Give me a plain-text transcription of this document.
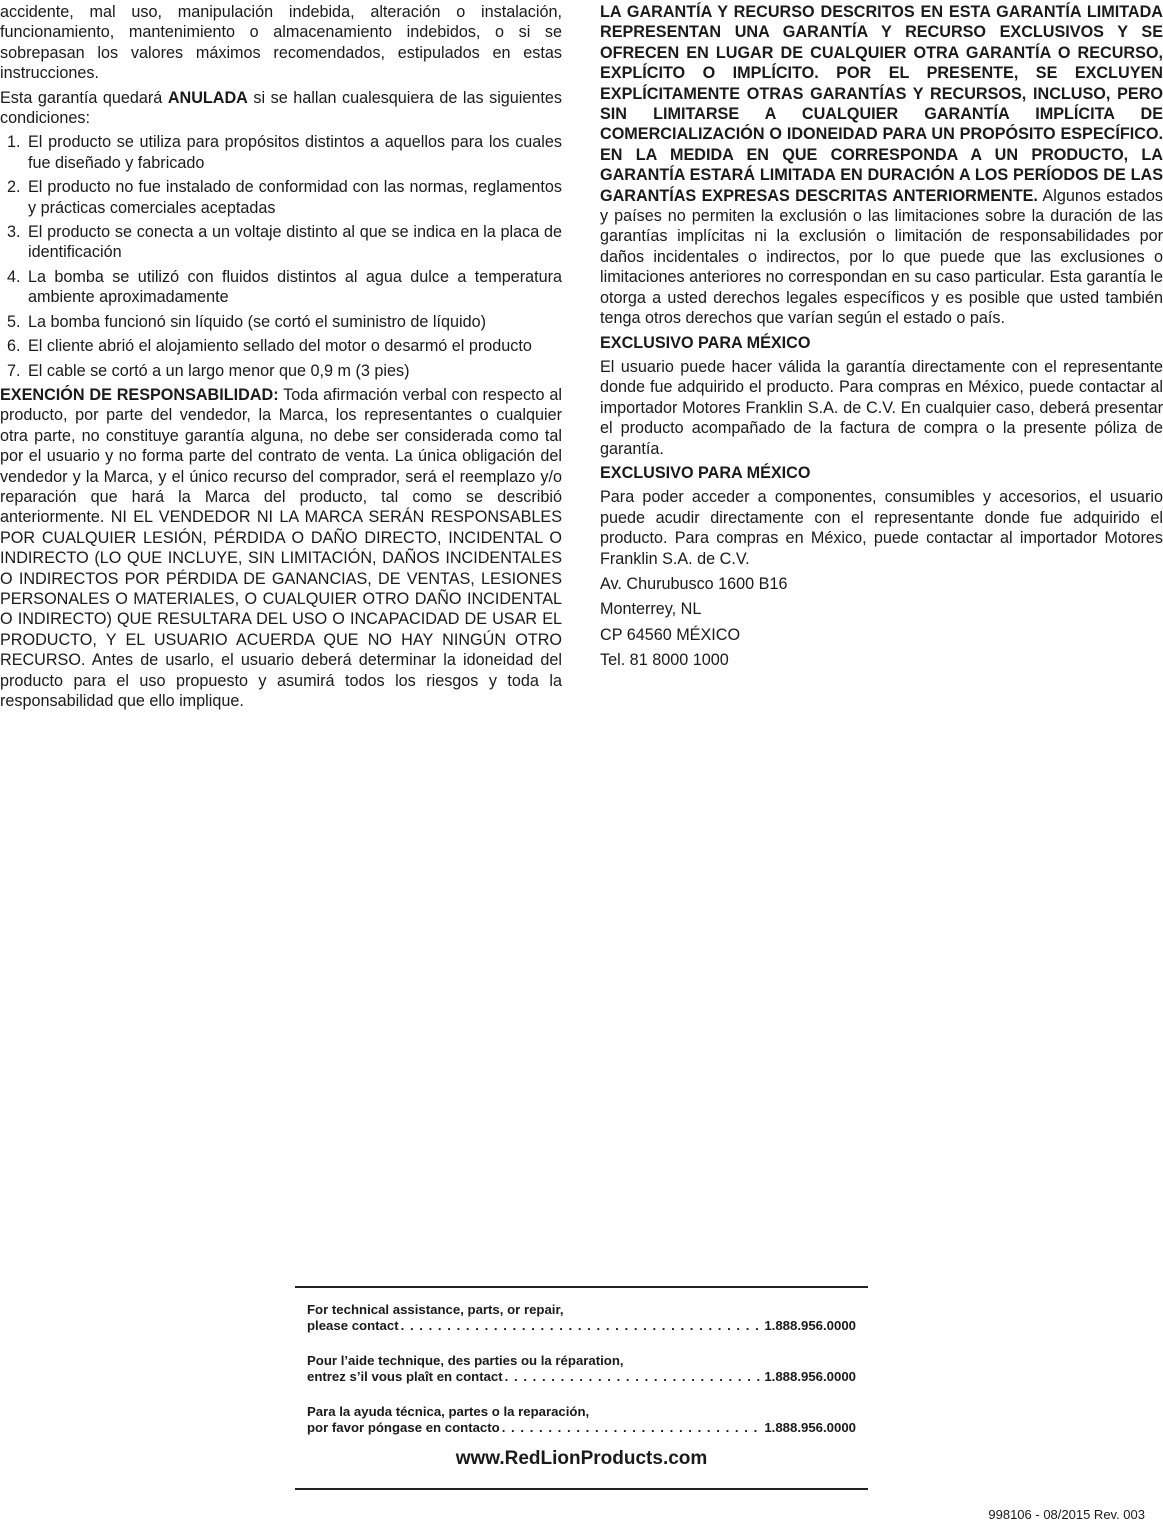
accidente, mal uso, manipulación indebida, alteración o instalación, funcionamiento, mantenimiento o almacenamiento indebidos, o si se sobrepasan los valores máximos recomendados, estipulados en estas instrucciones.

Esta garantía quedará ANULADA si se hallan cualesquiera de las siguientes condiciones:

1. El producto se utiliza para propósitos distintos a aquellos para los cuales fue diseñado y fabricado
2. El producto no fue instalado de conformidad con las normas, reglamentos y prácticas comerciales aceptadas
3. El producto se conecta a un voltaje distinto al que se indica en la placa de identificación
4. La bomba se utilizó con fluidos distintos al agua dulce a temperatura ambiente aproximadamente
5. La bomba funcionó sin líquido (se cortó el suministro de líquido)
6. El cliente abrió el alojamiento sellado del motor o desarmó el producto
7. El cable se cortó a un largo menor que 0,9 m (3 pies)

EXENCIÓN DE RESPONSABILIDAD: Toda afirmación verbal con respecto al producto, por parte del vendedor, la Marca, los representantes o cualquier otra parte, no constituye garantía alguna, no debe ser considerada como tal por el usuario y no forma parte del contrato de venta. La única obligación del vendedor y la Marca, y el único recurso del comprador, será el reemplazo y/o reparación que hará la Marca del producto, tal como se describió anteriormente. NI EL VENDEDOR NI LA MARCA SERÁN RESPONSABLES POR CUALQUIER LESIÓN, PÉRDIDA O DAÑO DIRECTO, INCIDENTAL O INDIRECTO (LO QUE INCLUYE, SIN LIMITACIÓN, DAÑOS INCIDENTALES O INDIRECTOS POR PÉRDIDA DE GANANCIAS, DE VENTAS, LESIONES PERSONALES O MATERIALES, O CUALQUIER OTRO DAÑO INCIDENTAL O INDIRECTO) QUE RESULTARA DEL USO O INCAPACIDAD DE USAR EL PRODUCTO, Y EL USUARIO ACUERDA QUE NO HAY NINGÚN OTRO RECURSO. Antes de usarlo, el usuario deberá determinar la idoneidad del producto para el uso propuesto y asumirá todos los riesgos y toda la responsabilidad que ello implique.

LA GARANTÍA Y RECURSO DESCRITOS EN ESTA GARANTÍA LIMITADA REPRESENTAN UNA GARANTÍA Y RECURSO EXCLUSIVOS Y SE OFRECEN EN LUGAR DE CUALQUIER OTRA GARANTÍA O RECURSO, EXPLÍCITO O IMPLÍCITO. POR EL PRESENTE, SE EXCLUYEN EXPLÍCITAMENTE OTRAS GARANTÍAS Y RECURSOS, INCLUSO, PERO SIN LIMITARSE A CUALQUIER GARANTÍA IMPLÍCITA DE COMERCIALIZACIÓN O IDONEIDAD PARA UN PROPÓSITO ESPECÍFICO. EN LA MEDIDA EN QUE CORRESPONDA A UN PRODUCTO, LA GARANTÍA ESTARÁ LIMITADA EN DURACIÓN A LOS PERÍODOS DE LAS GARANTÍAS EXPRESAS DESCRITAS ANTERIORMENTE. Algunos estados y países no permiten la exclusión o las limitaciones sobre la duración de las garantías implícitas ni la exclusión o limitación de responsabilidades por daños incidentales o indirectos, por lo que puede que las exclusiones o limitaciones anteriores no correspondan en su caso particular. Esta garantía le otorga a usted derechos legales específicos y es posible que usted también tenga otros derechos que varían según el estado o país.

EXCLUSIVO PARA MÉXICO

El usuario puede hacer válida la garantía directamente con el representante donde fue adquirido el producto. Para compras en México, puede contactar al importador Motores Franklin S.A. de C.V. En cualquier caso, deberá presentar el producto acompañado de la factura de compra o la presente póliza de garantía.

EXCLUSIVO PARA MÉXICO

Para poder acceder a componentes, consumibles y accesorios, el usuario puede acudir directamente con el representante donde fue adquirido el producto. Para compras en México, puede contactar al importador Motores Franklin S.A. de C.V.

Av. Churubusco 1600 B16
Monterrey, NL
CP 64560 MÉXICO
Tel. 81 8000 1000
For technical assistance, parts, or repair,
please contact . . .	1.888.956.0000
Pour l’aide technique, des parties ou la réparation,
entrez s’il vous plaît en contact . . .	1.888.956.0000
Para la ayuda técnica, partes o la reparación,
por favor póngase en contacto . . .	1.888.956.0000
www.RedLionProducts.com
998106 - 08/2015 Rev. 003
